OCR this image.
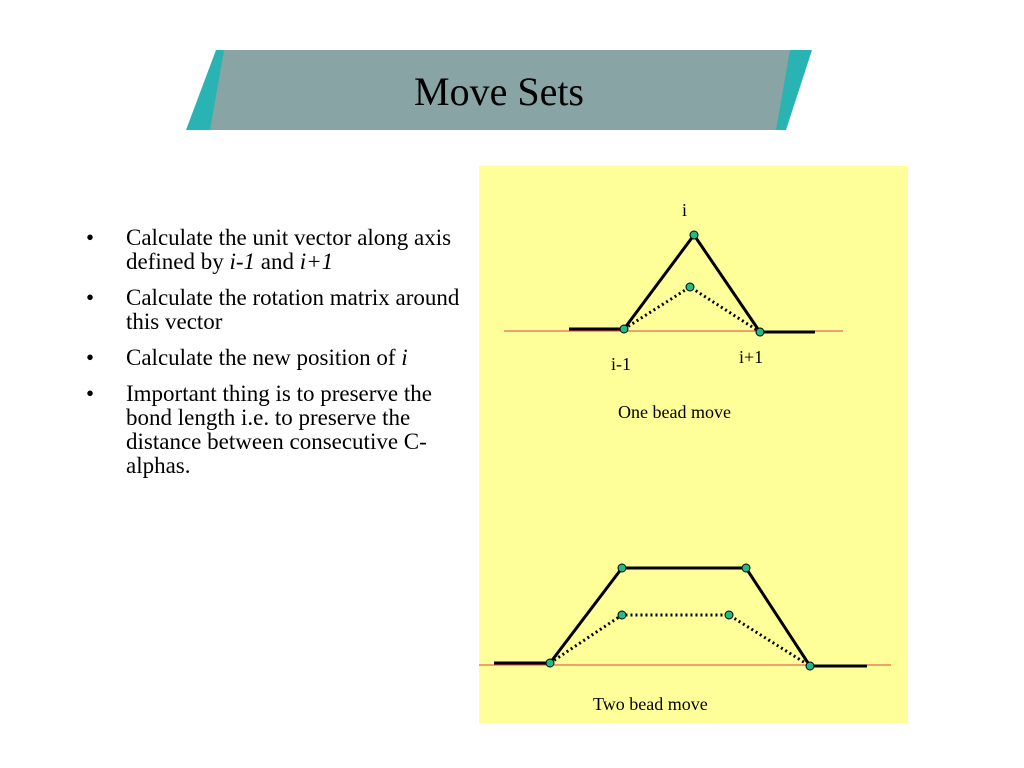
Move Sets
• Calculate the unit vector along axis defined by i-1 and i+1
• Calculate the rotation matrix around this vector
• Calculate the new position of i
• Important thing is to preserve the bond length i.e. to preserve the distance between consecutive C-alphas.
i
i-1	i+1
One bead move
Two bead move
